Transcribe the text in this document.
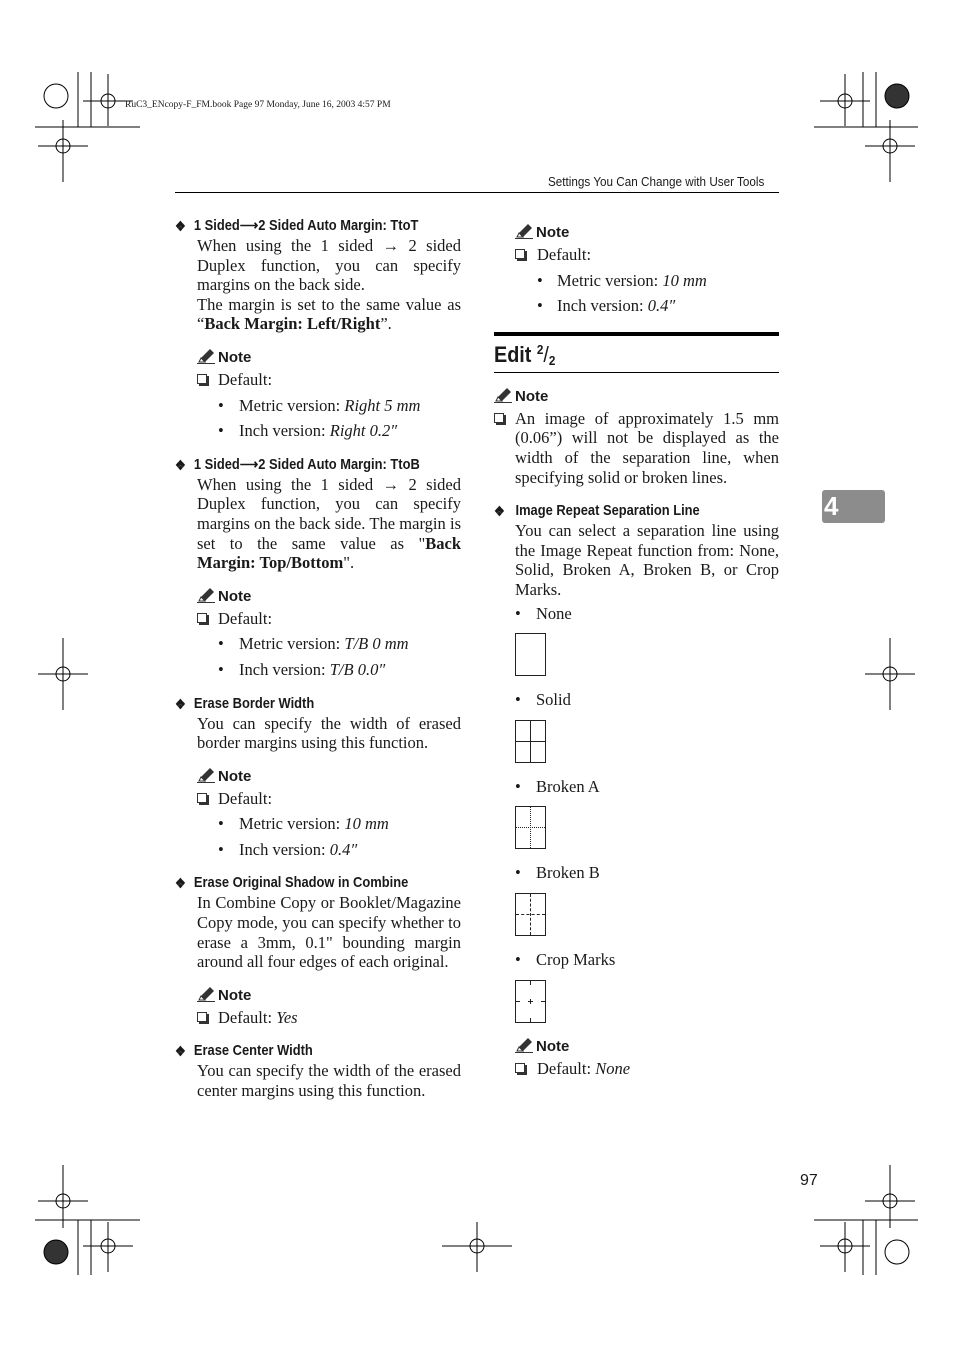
RuC3_ENcopy-F_FM.book Page 97 Monday, June 16, 2003 4:57 PM
Settings You Can Change with User Tools
4
97
❖ 1 Sided⟶2 Sided Auto Margin: TtoT
When using the 1 sided → 2 sided Duplex function, you can specify margins on the back side.
The margin is set to the same value as “Back Margin: Left/Right”.
Note
Default:
• Metric version: Right 5 mm
• Inch version: Right 0.2″
❖ 1 Sided⟶2 Sided Auto Margin: TtoB
When using the 1 sided → 2 sided Duplex function, you can specify margins on the back side. The margin is set to the same value as "Back Margin: Top/Bottom".
Note
Default:
• Metric version: T/B 0 mm
• Inch version: T/B 0.0″
❖ Erase Border Width
You can specify the width of erased border margins using this function.
Note
Default:
• Metric version: 10 mm
• Inch version: 0.4″
❖ Erase Original Shadow in Combine
In Combine Copy or Booklet/Magazine Copy mode, you can specify whether to erase a 3mm, 0.1" bounding margin around all four edges of each original.
Note
Default: Yes
❖ Erase Center Width
You can specify the width of the erased center margins using this function.
Note
Default:
• Metric version: 10 mm
• Inch version: 0.4″
Edit $^2/_2$
Note
An image of approximately 1.5 mm (0.06”) will not be displayed as the width of the separation line, when specifying solid or broken lines.
❖ Image Repeat Separation Line
You can select a separation line using the Image Repeat function from: None, Solid, Broken A, Broken B, or Crop Marks.
• None
• Solid
• Broken A
• Broken B
• Crop Marks
Note
Default: None
